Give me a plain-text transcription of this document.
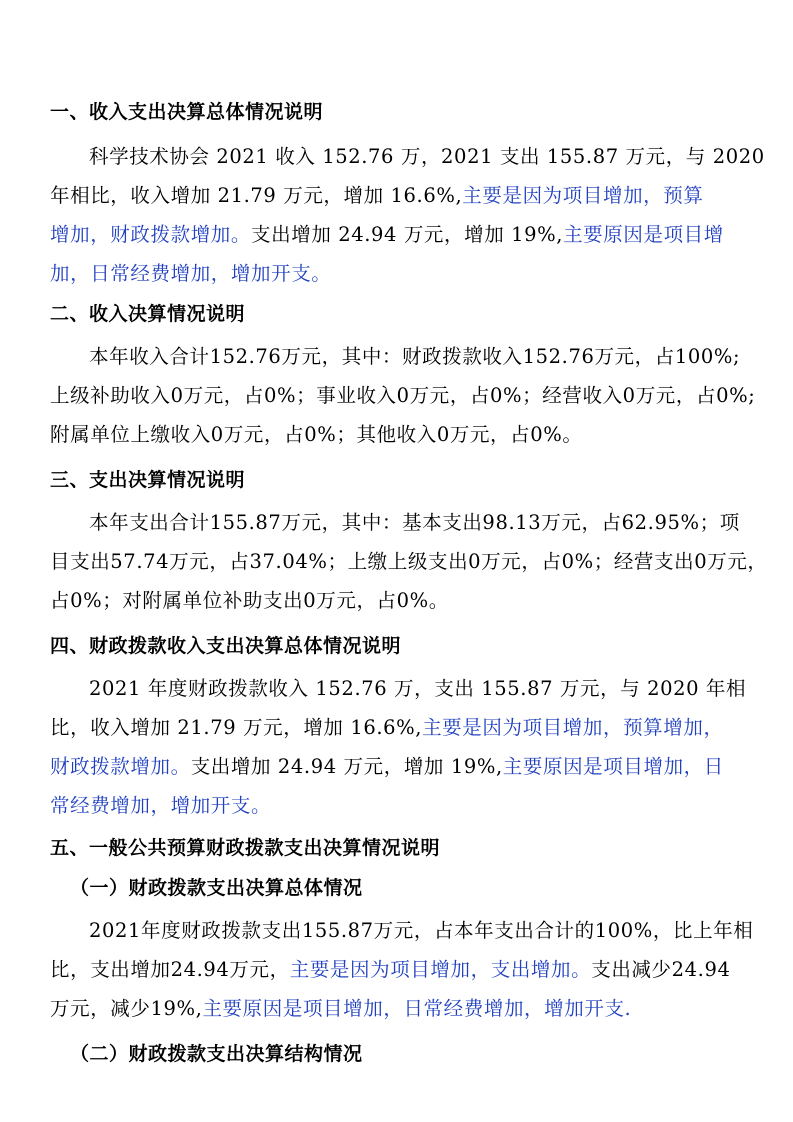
一、收入支出决算总体情况说明
科学技术协会 2021 收入 152.76 万，2021 支出 155.87 万元，与 2020
年相比，收入增加 21.79 万元，增加 16.6%,主要是因为项目增加，预算
增加，财政拨款增加。支出增加 24.94 万元，增加 19%,主要原因是项目增
加，日常经费增加，增加开支。
二、收入决算情况说明
本年收入合计152.76万元，其中：财政拨款收入152.76万元，占100%;
上级补助收入0万元，占0%；事业收入0万元，占0%；经营收入0万元，占0%;
附属单位上缴收入0万元，占0%；其他收入0万元，占0%。
三、支出决算情况说明
本年支出合计155.87万元，其中：基本支出98.13万元，占62.95%；项
目支出57.74万元，占37.04%；上缴上级支出0万元，占0%；经营支出0万元，
占0%；对附属单位补助支出0万元，占0%。
四、财政拨款收入支出决算总体情况说明
2021 年度财政拨款收入 152.76 万，支出 155.87 万元，与 2020 年相
比，收入增加 21.79 万元，增加 16.6%,主要是因为项目增加，预算增加，
财政拨款增加。支出增加 24.94 万元，增加 19%,主要原因是项目增加，日
常经费增加，增加开支。
五、一般公共预算财政拨款支出决算情况说明
（一）财政拨款支出决算总体情况
2021年度财政拨款支出155.87万元，占本年支出合计的100%，比上年相
比，支出增加24.94万元，主要是因为项目增加，支出增加。支出减少24.94
万元，减少19%,主要原因是项目增加，日常经费增加，增加开支.
（二）财政拨款支出决算结构情况
